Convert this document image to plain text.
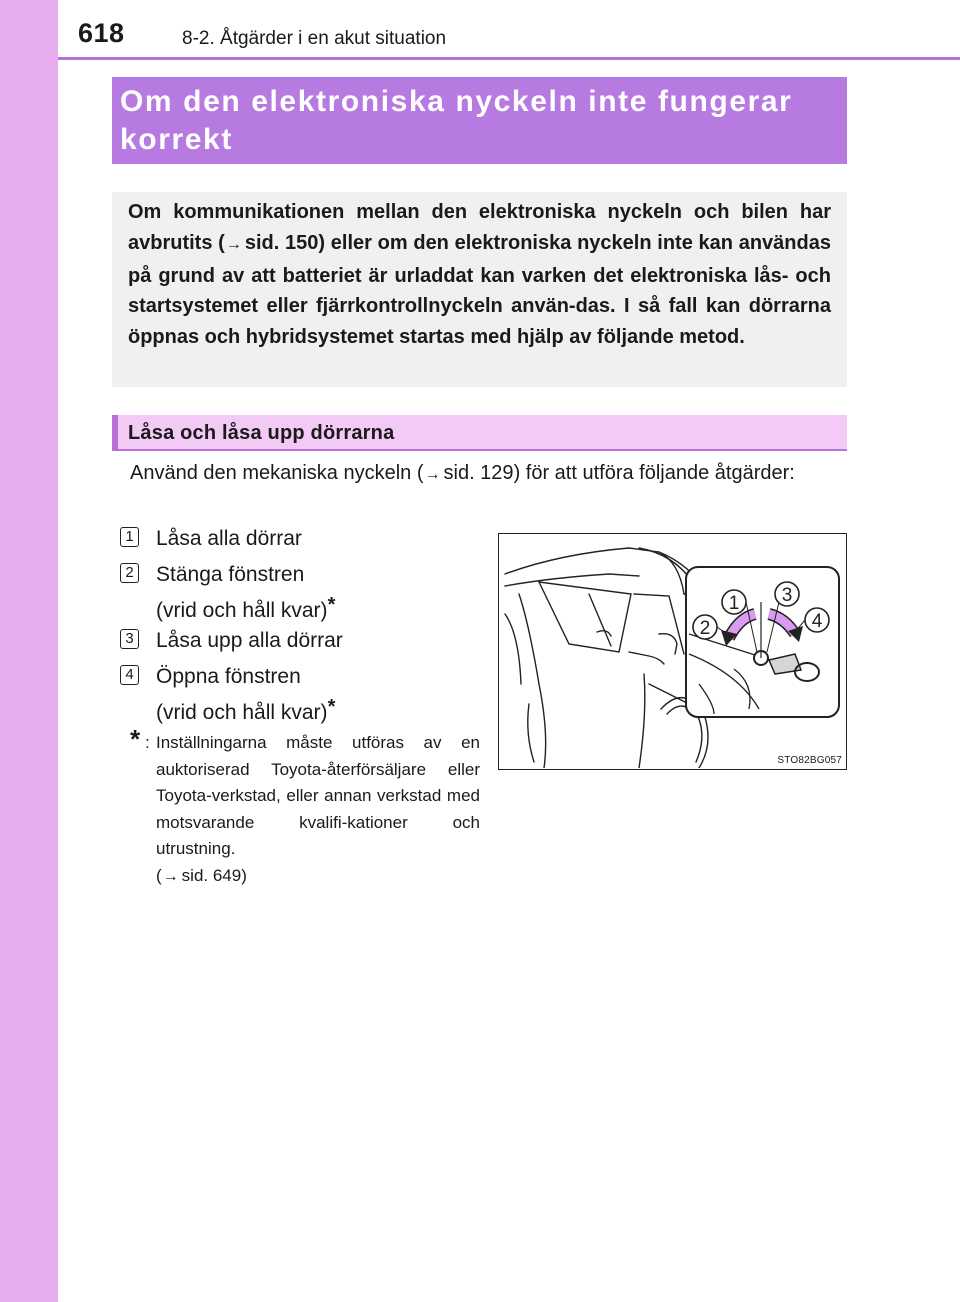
618	8-2. Åtgärder i en akut situation
Om den elektroniska nyckeln inte fungerar
korrekt

Om kommunikationen mellan den elektroniska nyckeln och bilen har avbrutits (→ sid. 150) eller om den elektroniska nyckeln inte kan användas på grund av att batteriet är urladdat kan varken det elektroniska lås- och startsystemet eller fjärrkontrollnyckeln använ-das. I så fall kan dörrarna öppnas och hybridsystemet startas med hjälp av följande metod.

Låsa och låsa upp dörrarna

Använd den mekaniska nyckeln (→ sid. 129) för att utföra följande åtgärder:

1 Låsa alla dörrar
2 Stänga fönstren
(vrid och håll kvar)*
3 Låsa upp alla dörrar
4 Öppna fönstren
(vrid och håll kvar)*
* : Inställningarna måste utföras av en auktoriserad Toyota-återförsäljare eller Toyota-verkstad, eller annan verkstad med motsvarande kvalifi-kationer och utrustning.
(→ sid. 649)
1
2
3
4
STO82BG057
